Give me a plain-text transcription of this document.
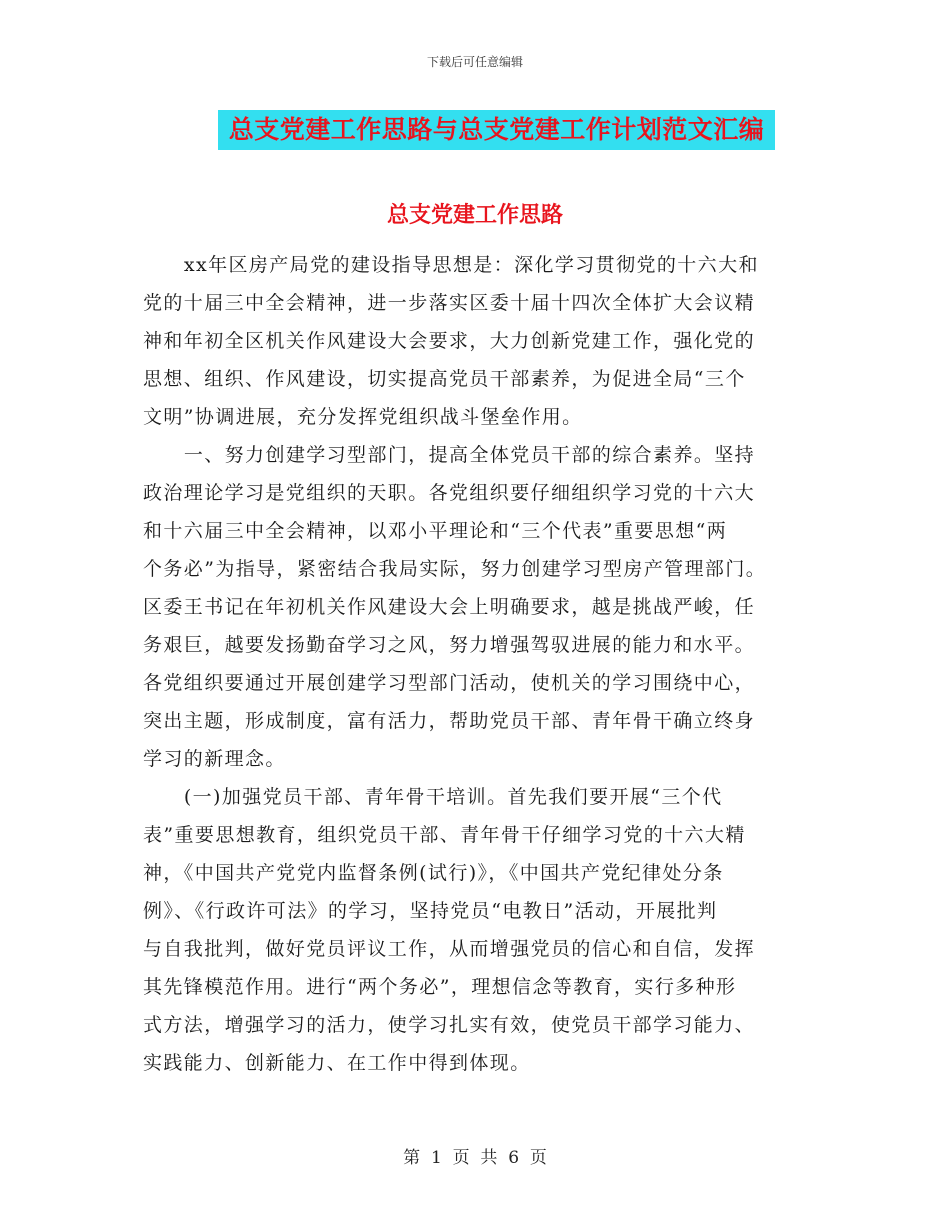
下载后可任意编辑
总支党建工作思路与总支党建工作计划范文汇编
总支党建工作思路
xx年区房产局党的建设指导思想是：深化学习贯彻党的十六大和
党的十届三中全会精神，进一步落实区委十届十四次全体扩大会议精
神和年初全区机关作风建设大会要求，大力创新党建工作，强化党的
思想、组织、作风建设，切实提高党员干部素养，为促进全局“三个
文明”协调进展，充分发挥党组织战斗堡垒作用。
一、努力创建学习型部门，提高全体党员干部的综合素养。坚持
政治理论学习是党组织的天职。各党组织要仔细组织学习党的十六大
和十六届三中全会精神，以邓小平理论和“三个代表”重要思想“两
个务必”为指导，紧密结合我局实际，努力创建学习型房产管理部门。
区委王书记在年初机关作风建设大会上明确要求，越是挑战严峻，任
务艰巨，越要发扬勤奋学习之风，努力增强驾驭进展的能力和水平。
各党组织要通过开展创建学习型部门活动，使机关的学习围绕中心，
突出主题，形成制度，富有活力，帮助党员干部、青年骨干确立终身
学习的新理念。
(一)加强党员干部、青年骨干培训。首先我们要开展“三个代
表”重要思想教育，组织党员干部、青年骨干仔细学习党的十六大精
神，《中国共产党党内监督条例(试行)》，《中国共产党纪律处分条
例》、《行政许可法》的学习，坚持党员“电教日”活动，开展批判
与自我批判，做好党员评议工作，从而增强党员的信心和自信，发挥
其先锋模范作用。进行“两个务必”，理想信念等教育，实行多种形
式方法，增强学习的活力，使学习扎实有效，使党员干部学习能力、
实践能力、创新能力、在工作中得到体现。
第  1  页  共  6  页
